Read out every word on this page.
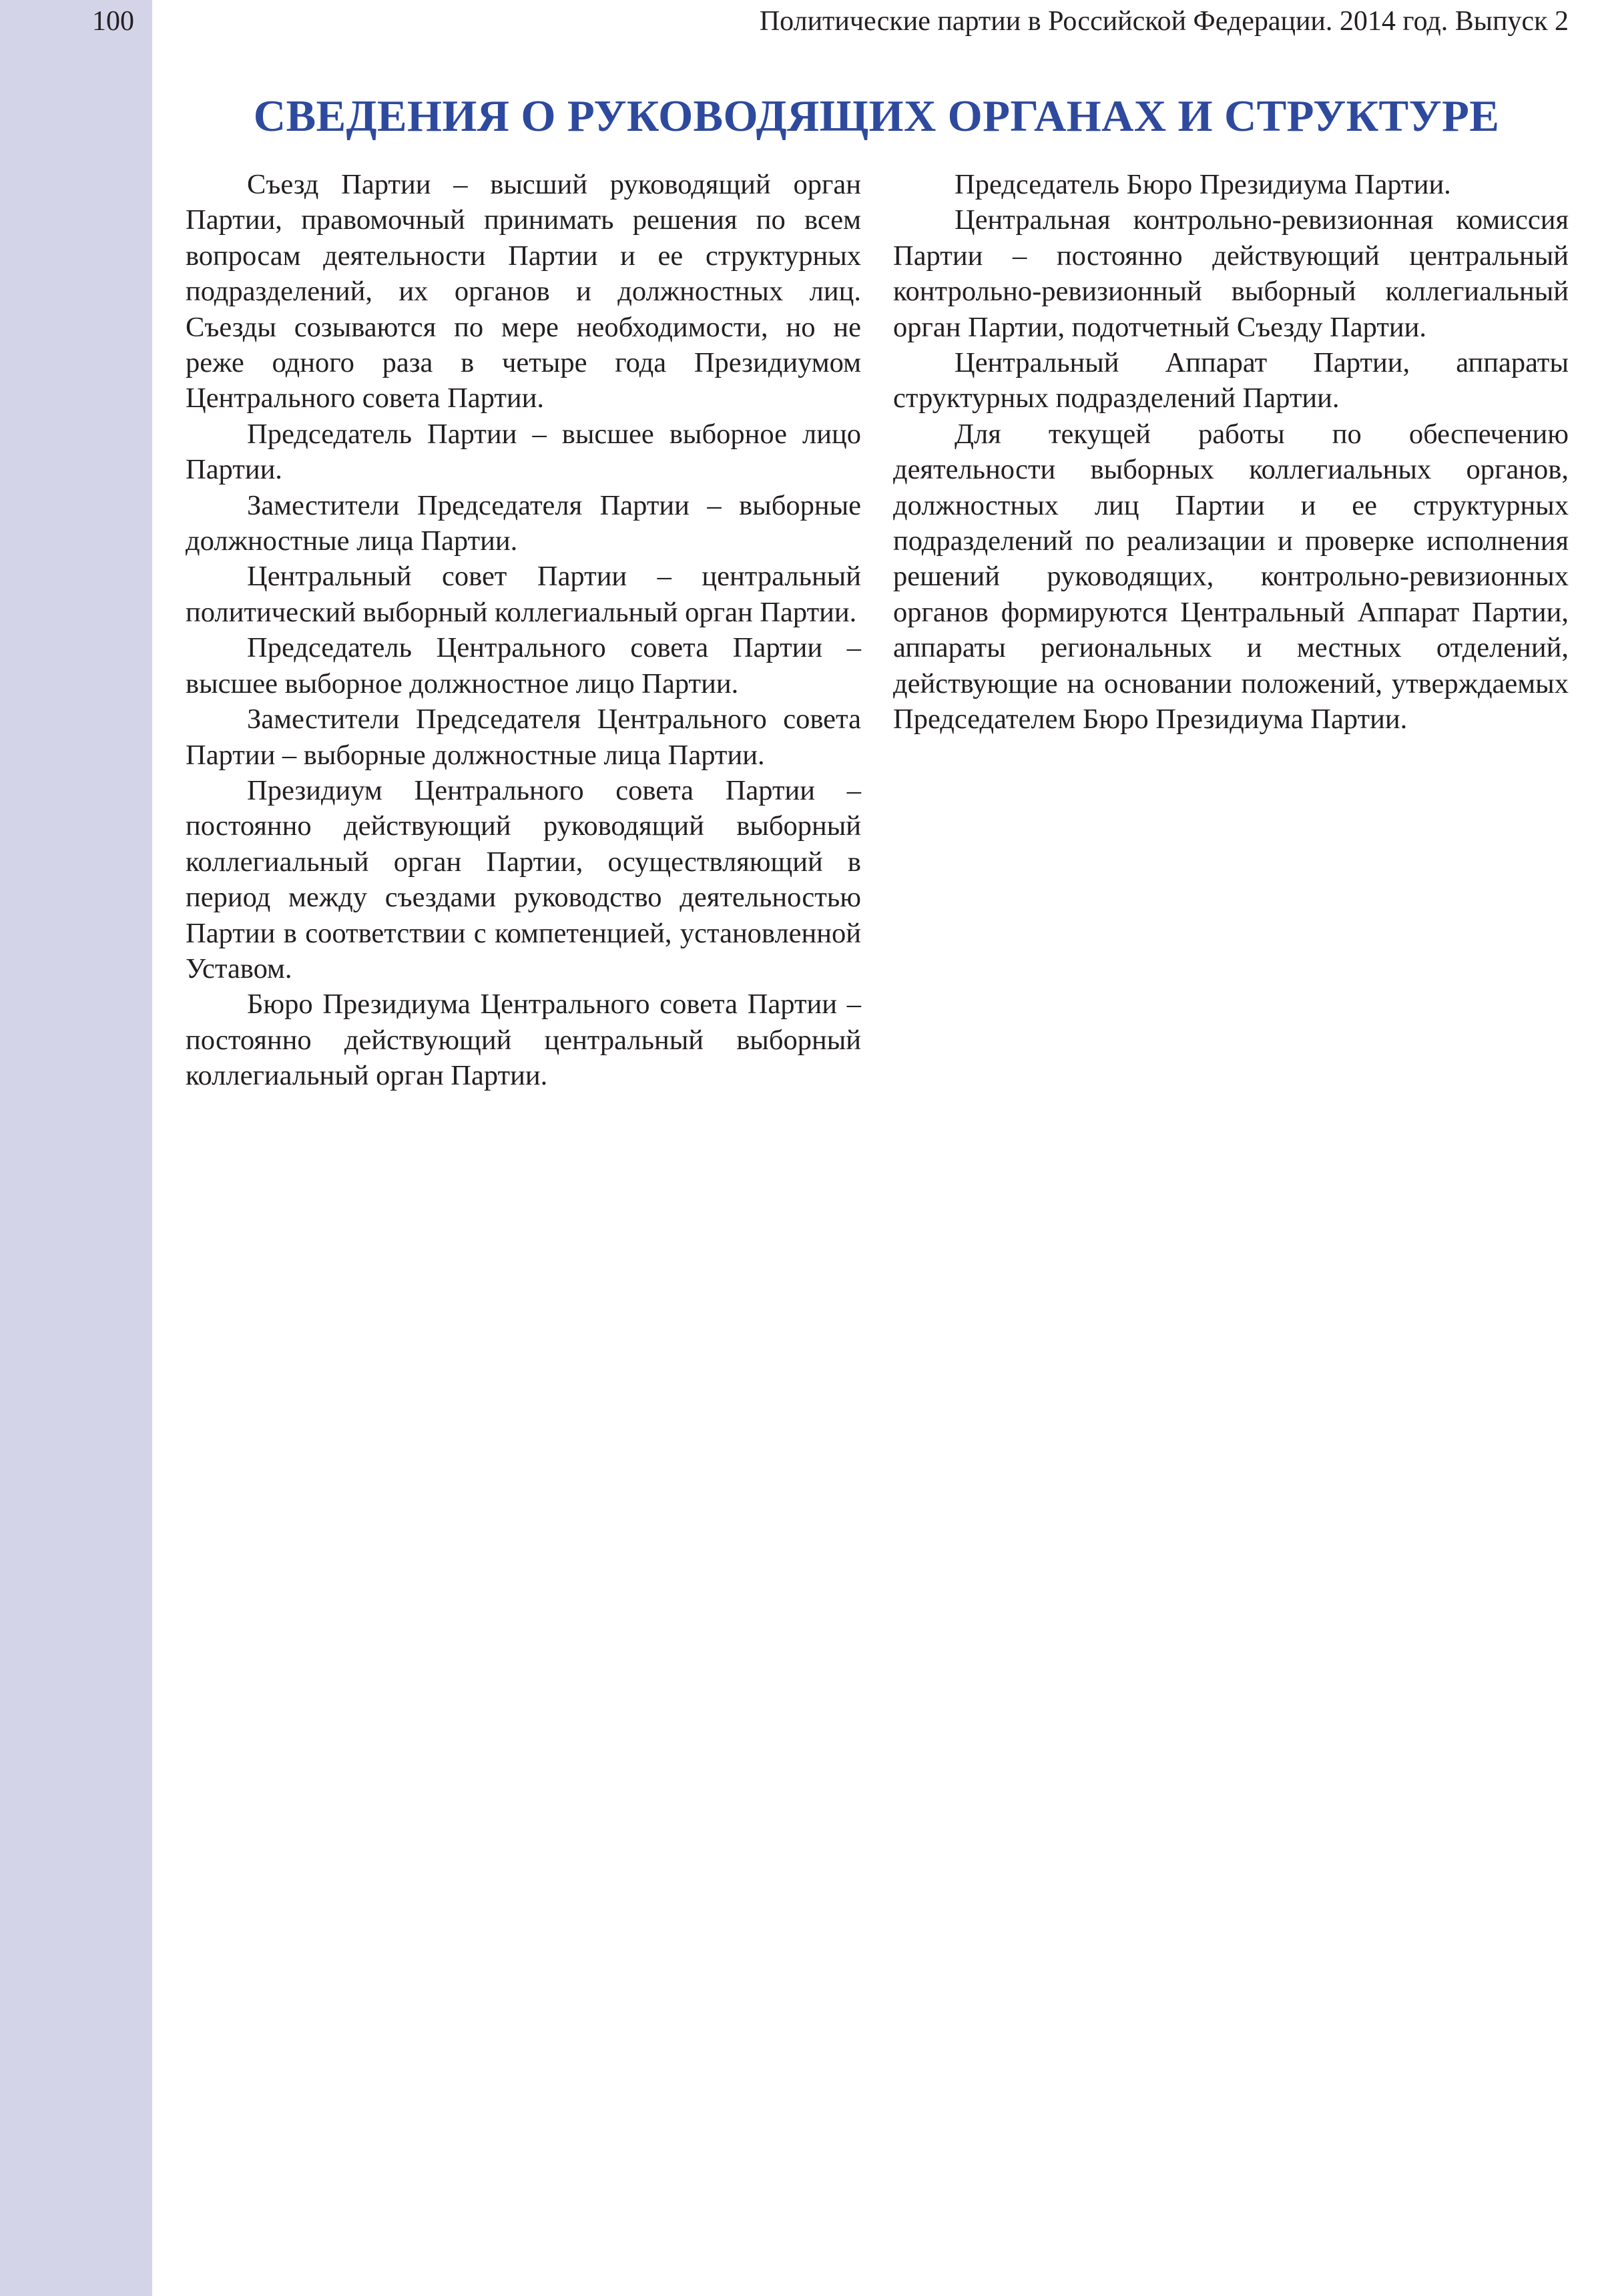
100	Политические партии в Российской Федерации. 2014 год. Выпуск 2
СВЕДЕНИЯ О РУКОВОДЯЩИХ ОРГАНАХ И СТРУКТУРЕ

Съезд Партии – высший руководящий орган Партии, правомочный принимать решения по всем вопросам деятельности Партии и ее структурных подразделений, их органов и должностных лиц. Съезды созываются по мере необходимости, но не реже одного раза в четыре года Президиумом Центрального совета Партии.

Председатель Партии – высшее выборное лицо Партии.

Заместители Председателя Партии – выборные должностные лица Партии.

Центральный совет Партии – центральный политический выборный коллегиальный орган Партии.

Председатель Центрального совета Партии – высшее выборное должностное лицо Партии.

Заместители Председателя Центрального совета Партии – выборные должностные лица Партии.

Президиум Центрального совета Партии – постоянно действующий руководящий выборный коллегиальный орган Партии, осуществляющий в период между съездами руководство деятельностью Партии в соответствии с компетенцией, установленной Уставом.

Бюро Президиума Центрального совета Партии – постоянно действующий центральный выборный коллегиальный орган Партии.

Председатель Бюро Президиума Партии.

Центральная контрольно-ревизионная комиссия Партии – постоянно действующий центральный контрольно-ревизионный выборный коллегиальный орган Партии, подотчетный Съезду Партии.

Центральный Аппарат Партии, аппараты структурных подразделений Партии.

Для текущей работы по обеспечению деятельности выборных коллегиальных органов, должностных лиц Партии и ее структурных подразделений по реализации и проверке исполнения решений руководящих, контрольно-ревизионных органов формируются Центральный Аппарат Партии, аппараты региональных и местных отделений, действующие на основании положений, утверждаемых Председателем Бюро Президиума Партии.
